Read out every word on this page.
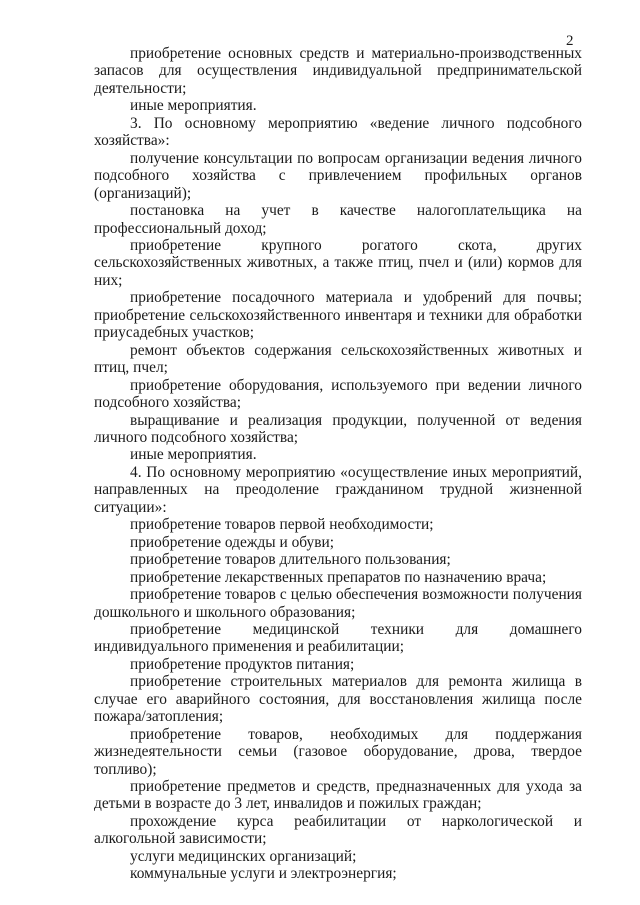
2

приобретение основных средств и материально-производственных запасов для осуществления индивидуальной предпринимательской деятельности;

иные мероприятия.

3. По основному мероприятию «ведение личного подсобного хозяйства»:

получение консультации по вопросам организации ведения личного подсобного хозяйства с привлечением профильных органов (организаций);

постановка на учет в качестве налогоплательщика на профессиональный доход;

приобретение крупного рогатого скота, других сельскохозяйственных животных, а также птиц, пчел и (или) кормов для них;

приобретение посадочного материала и удобрений для почвы; приобретение сельскохозяйственного инвентаря и техники для обработки приусадебных участков;

ремонт объектов содержания сельскохозяйственных животных и птиц, пчел;

приобретение оборудования, используемого при ведении личного подсобного хозяйства;

выращивание и реализация продукции, полученной от ведения личного подсобного хозяйства;

иные мероприятия.

4. По основному мероприятию «осуществление иных мероприятий, направленных на преодоление гражданином трудной жизненной ситуации»:

приобретение товаров первой необходимости;

приобретение одежды и обуви;

приобретение товаров длительного пользования;

приобретение лекарственных препаратов по назначению врача;

приобретение товаров с целью обеспечения возможности получения дошкольного и школьного образования;

приобретение медицинской техники для домашнего индивидуального применения и реабилитации;

приобретение продуктов питания;

приобретение строительных материалов для ремонта жилища в случае его аварийного состояния, для восстановления жилища после пожара/затопления;

приобретение товаров, необходимых для поддержания жизнедеятельности семьи (газовое оборудование, дрова, твердое топливо);

приобретение предметов и средств, предназначенных для ухода за детьми в возрасте до 3 лет, инвалидов и пожилых граждан;

прохождение курса реабилитации от наркологической и алкогольной зависимости;

услуги медицинских организаций;

коммунальные услуги и электроэнергия;
